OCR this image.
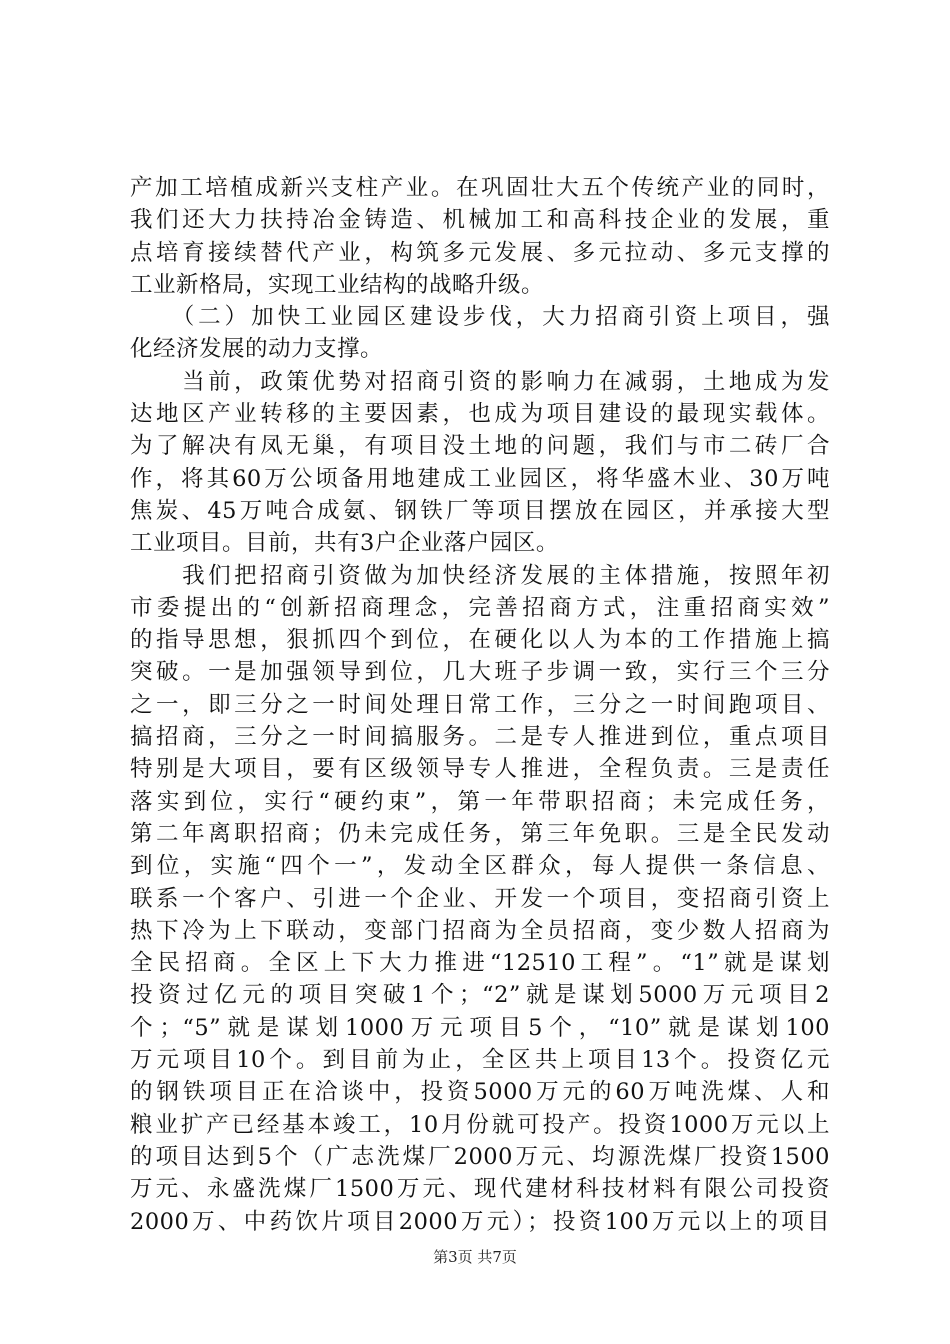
产加工培植成新兴支柱产业。在巩固壮大五个传统产业的同时，
我们还大力扶持冶金铸造、机械加工和高科技企业的发展，重
点培育接续替代产业，构筑多元发展、多元拉动、多元支撑的
工业新格局，实现工业结构的战略升级。
　　（二）加快工业园区建设步伐，大力招商引资上项目，强
化经济发展的动力支撑。
　　当前，政策优势对招商引资的影响力在减弱，土地成为发
达地区产业转移的主要因素，也成为项目建设的最现实载体。
为了解决有凤无巢，有项目没土地的问题，我们与市二砖厂合
作，将其60万公顷备用地建成工业园区，将华盛木业、30万吨
焦炭、45万吨合成氨、钢铁厂等项目摆放在园区，并承接大型
工业项目。目前，共有3户企业落户园区。
　　我们把招商引资做为加快经济发展的主体措施，按照年初
市委提出的“创新招商理念，完善招商方式，注重招商实效”
的指导思想，狠抓四个到位，在硬化以人为本的工作措施上搞
突破。一是加强领导到位，几大班子步调一致，实行三个三分
之一，即三分之一时间处理日常工作，三分之一时间跑项目、
搞招商，三分之一时间搞服务。二是专人推进到位，重点项目
特别是大项目，要有区级领导专人推进，全程负责。三是责任
落实到位，实行“硬约束”，第一年带职招商；未完成任务，
第二年离职招商；仍未完成任务，第三年免职。三是全民发动
到位，实施“四个一”，发动全区群众，每人提供一条信息、
联系一个客户、引进一个企业、开发一个项目，变招商引资上
热下冷为上下联动，变部门招商为全员招商，变少数人招商为
全民招商。全区上下大力推进“12510工程”。“1”就是谋划
投资过亿元的项目突破1个；“2”就是谋划5000万元项目2
个；“5”就是谋划1000万元项目5个，“10”就是谋划100
万元项目10个。到目前为止，全区共上项目13个。投资亿元
的钢铁项目正在洽谈中，投资5000万元的60万吨洗煤、人和
粮业扩产已经基本竣工，10月份就可投产。投资1000万元以上
的项目达到5个（广志洗煤厂2000万元、均源洗煤厂投资1500
万元、永盛洗煤厂1500万元、现代建材科技材料有限公司投资
2000万、中药饮片项目2000万元）；投资100万元以上的项目
第3页 共7页
